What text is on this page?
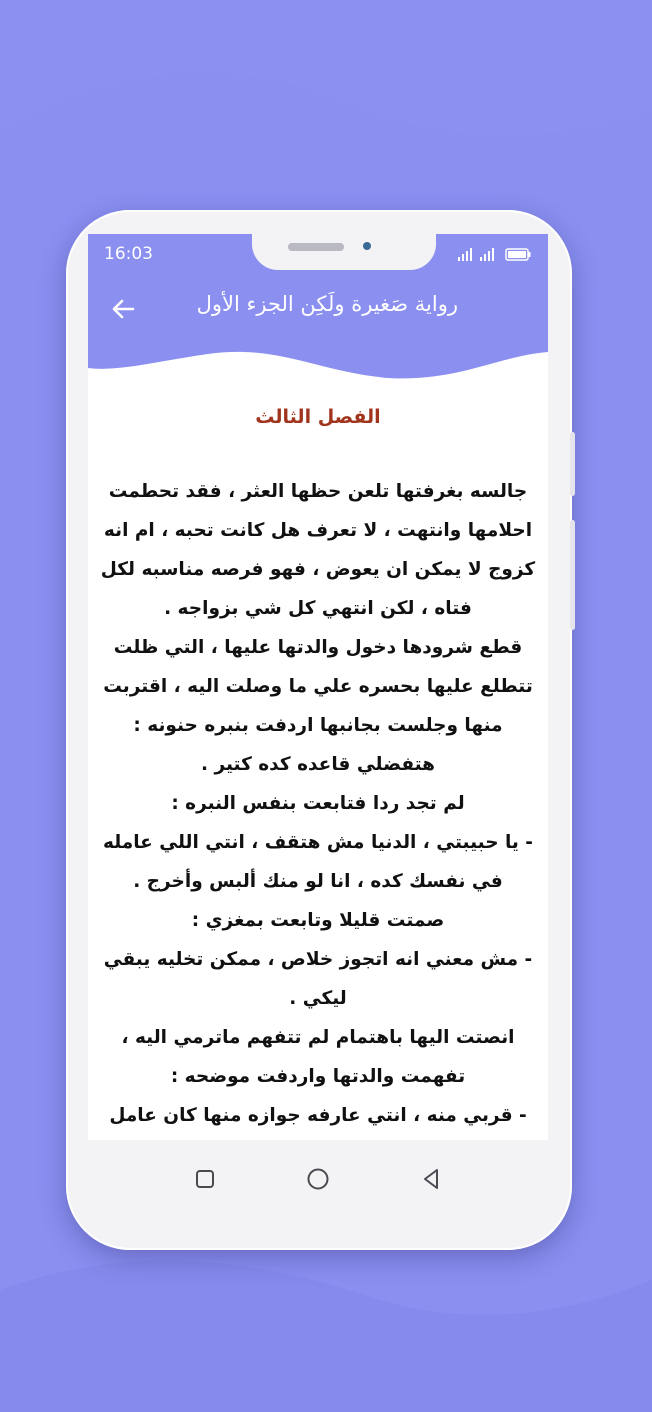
16:03
رواية صَغيرة ولَكِن الجزء الأول
الفصل الثالث

جالسه بغرفتها تلعن حظها العثر ، فقد تحطمت احلامها وانتهت ، لا تعرف هل كانت تحبه ، ام انه كزوج لا يمكن ان يعوض ، فهو فرصه مناسبه لكل فتاه ، لكن انتهي كل شي بزواجه .

قطع شرودها دخول والدتها عليها ، التي ظلت تتطلع عليها بحسره علي ما وصلت اليه ، اقتربت منها وجلست بجانبها اردفت بنبره حنونه : هتفضلي قاعده كده كتير .

لم تجد ردا فتابعت بنفس النبره :

- يا حبيبتي ، الدنيا مش هتقف ، انتي اللي عامله في نفسك كده ، انا لو منك ألبس وأخرج .

صمتت قليلا وتابعت بمغزي :

- مش معني انه اتجوز خلاص ، ممكن تخليه يبقي ليكي .

انصتت اليها باهتمام لم تتفهم ماترمي اليه ، تفهمت والدتها واردفت موضحه :

- قربي منه ، انتي عارفه جوازه منها كان عامل
